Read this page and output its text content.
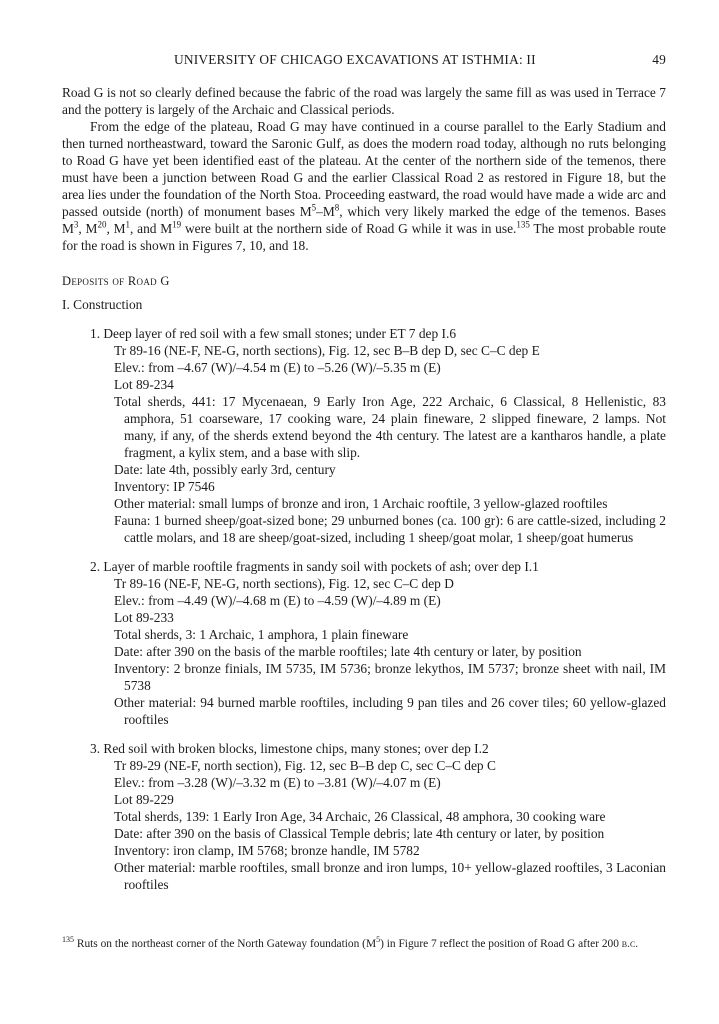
UNIVERSITY OF CHICAGO EXCAVATIONS AT ISTHMIA: II	49

Road G is not so clearly defined because the fabric of the road was largely the same fill as was used in Terrace 7 and the pottery is largely of the Archaic and Classical periods.

From the edge of the plateau, Road G may have continued in a course parallel to the Early Stadium and then turned northeastward, toward the Saronic Gulf, as does the modern road today, although no ruts belonging to Road G have yet been identified east of the plateau. At the center of the northern side of the temenos, there must have been a junction between Road G and the earlier Classical Road 2 as restored in Figure 18, but the area lies under the foundation of the North Stoa. Proceeding eastward, the road would have made a wide arc and passed outside (north) of monument bases $M^5-M^8$, which very likely marked the edge of the temenos. Bases $M^3$, $M^{20}$, $M^1$, and $M^{19}$ were built at the northern side of Road G while it was in use.$^{135}$ The most probable route for the road is shown in Figures 7, 10, and 18.

Deposits of Road G
I. Construction
1. Deep layer of red soil with a few small stones; under ET 7 dep I.6
Tr 89-16 (NE-F, NE-G, north sections), Fig. 12, sec B–B dep D, sec C–C dep E
Elev.: from –4.67 (W)/–4.54 m (E) to –5.26 (W)/–5.35 m (E)
Lot 89-234
Total sherds, 441: 17 Mycenaean, 9 Early Iron Age, 222 Archaic, 6 Classical, 8 Hellenistic, 83 amphora, 51 coarseware, 17 cooking ware, 24 plain fineware, 2 slipped fineware, 2 lamps. Not many, if any, of the sherds extend beyond the 4th century. The latest are a kantharos handle, a plate fragment, a kylix stem, and a base with slip.
Date: late 4th, possibly early 3rd, century
Inventory: IP 7546
Other material: small lumps of bronze and iron, 1 Archaic rooftile, 3 yellow-glazed rooftiles
Fauna: 1 burned sheep/goat-sized bone; 29 unburned bones (ca. 100 gr): 6 are cattle-sized, including 2 cattle molars, and 18 are sheep/goat-sized, including 1 sheep/goat molar, 1 sheep/goat humerus
2. Layer of marble rooftile fragments in sandy soil with pockets of ash; over dep I.1
Tr 89-16 (NE-F, NE-G, north sections), Fig. 12, sec C–C dep D
Elev.: from –4.49 (W)/–4.68 m (E) to –4.59 (W)/–4.89 m (E)
Lot 89-233
Total sherds, 3: 1 Archaic, 1 amphora, 1 plain fineware
Date: after 390 on the basis of the marble rooftiles; late 4th century or later, by position
Inventory: 2 bronze finials, IM 5735, IM 5736; bronze lekythos, IM 5737; bronze sheet with nail, IM 5738
Other material: 94 burned marble rooftiles, including 9 pan tiles and 26 cover tiles; 60 yellow-glazed rooftiles
3. Red soil with broken blocks, limestone chips, many stones; over dep I.2
Tr 89-29 (NE-F, north section), Fig. 12, sec B–B dep C, sec C–C dep C
Elev.: from –3.28 (W)/–3.32 m (E) to –3.81 (W)/–4.07 m (E)
Lot 89-229
Total sherds, 139: 1 Early Iron Age, 34 Archaic, 26 Classical, 48 amphora, 30 cooking ware
Date: after 390 on the basis of Classical Temple debris; late 4th century or later, by position
Inventory: iron clamp, IM 5768; bronze handle, IM 5782
Other material: marble rooftiles, small bronze and iron lumps, 10+ yellow-glazed rooftiles, 3 Laconian rooftiles

$^{135}$ Ruts on the northeast corner of the North Gateway foundation $(M^5)$ in Figure 7 reflect the position of Road G after 200 b.c.
